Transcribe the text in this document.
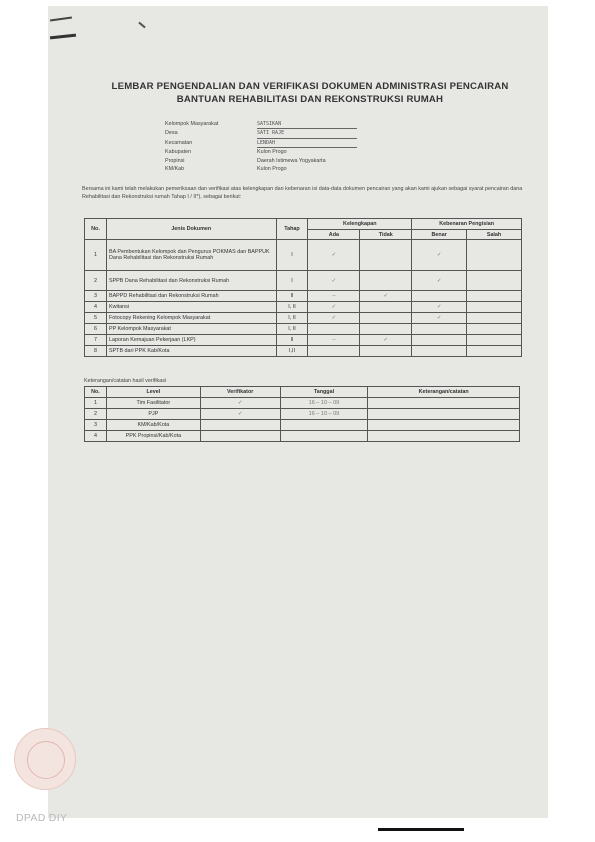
LEMBAR PENGENDALIAN DAN VERIFIKASI DOKUMEN ADMINISTRASI PENCAIRAN
BANTUAN REHABILITASI DAN REKONSTRUKSI RUMAH
Kelompok Masyarakat	SATSIKAN
Desa	SATI RAJE
Kecamatan	LENDAH
Kabupaten	Kulon Progo
Propinsi	Daerah Istimewa Yogyakarta
KM/Kab	Kulon Progo
Bersama ini kami telah melakukan pemeriksaan dan verifikasi atas kelengkapan dan kebenaran isi data-data dokumen pencairan yang akan kami ajukan sebagai syarat pencairan dana Rehabilitasi dan Rekonstruksi rumah Tahap I / II*), sebagai berikut:
No.	Jenis Dokumen	Tahap	Kelengkapan		Kebenaran Pengisian	
			Ada	Tidak	Benar	Salah
1	BA Pembentukan Kelompok dan Pengurus POKMAS dan BAPPUK Dana Rehabilitasi dan Rekonstruksi Rumah	I	✓		✓	
2	SPPB Dana Rehabilitasi dan Rekonstruksi Rumah	I	✓		✓	
3	BAPPD Rehabilitasi dan Rekonstruksi Rumah	II	–	✓		
4	Kwitansi	I, II	✓		✓	
5	Fotocopy Rekening Kelompok Masyarakat	I, II	✓		✓	
6	PP Kelompok Masyarakat	I, II				
7	Laporan Kemajuan Pekerjaan (LKP)	II	–	✓		
8	SPTB dari PPK Kab/Kota	I,II				
Keterangan/catatan hasil verifikasi
No.	Level	Verifikator	Tanggal	Keterangan/catatan
1	Tim Fasilitator	✓	16 – 10 – 09	
2	PJP	✓	16 – 10 – 09	
3	KM/Kab/Kota			
4	PPK Propinsi/Kab/Kota			
DPAD DIY
